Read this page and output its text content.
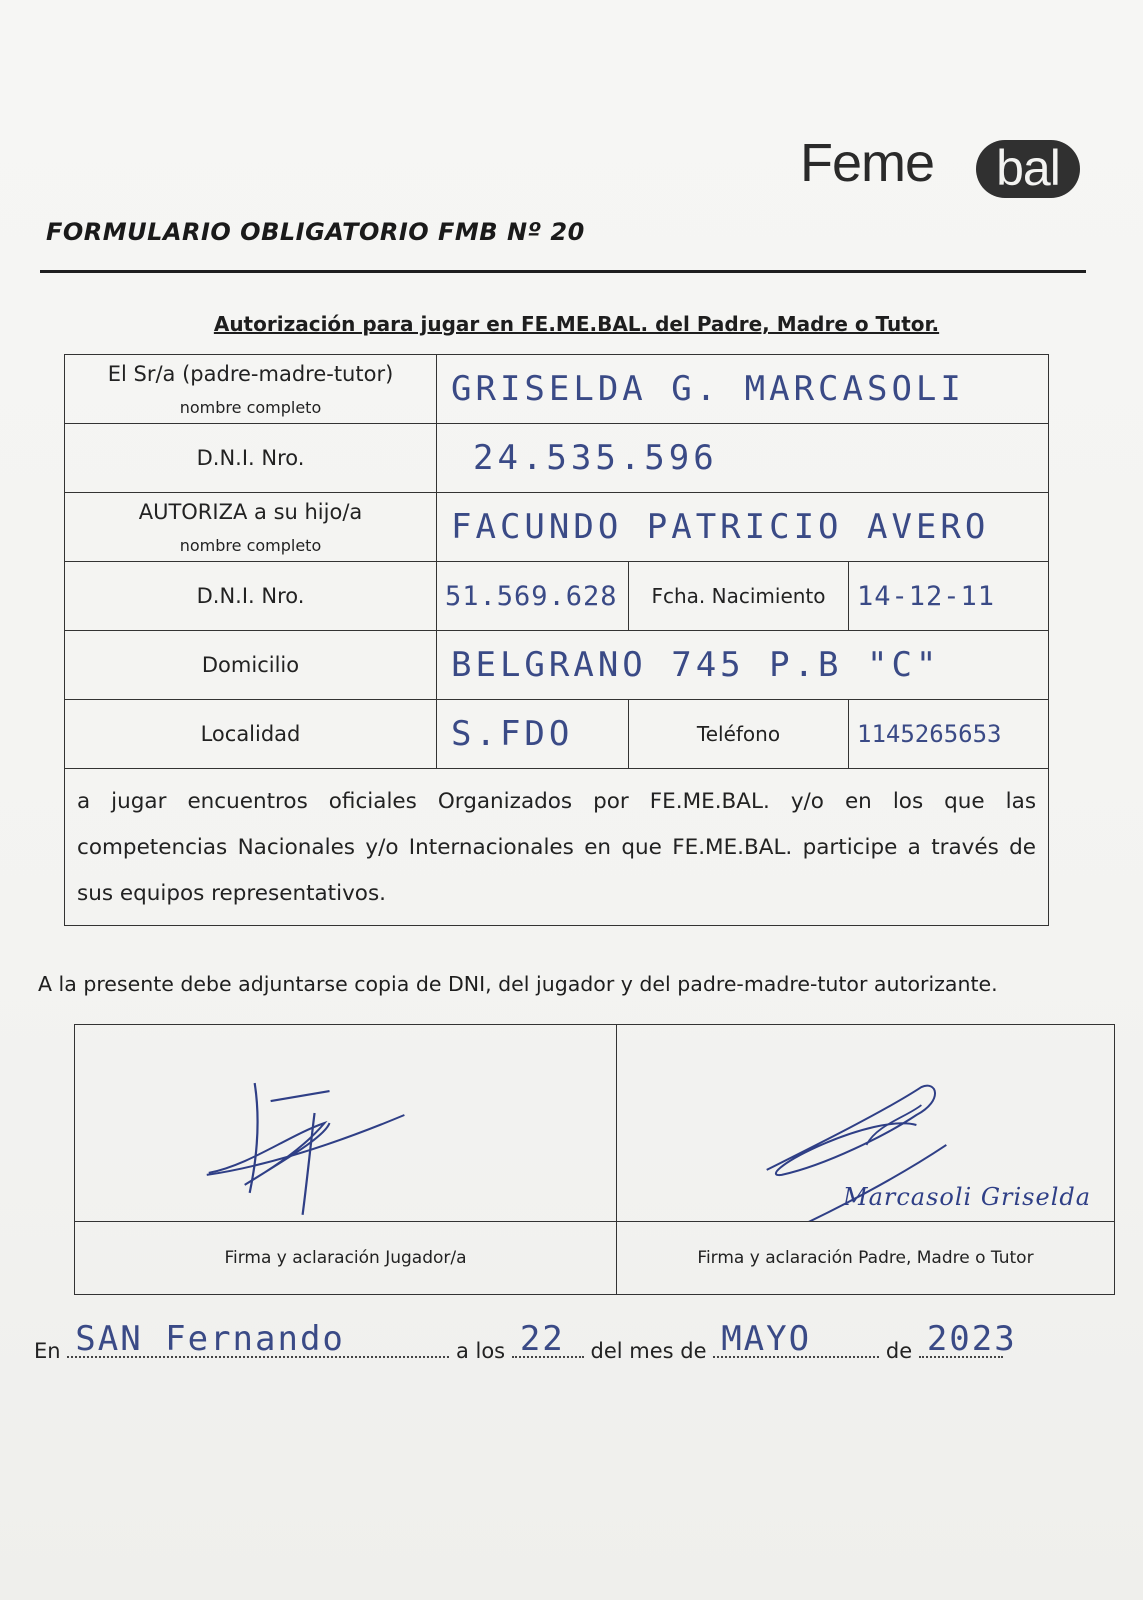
Feme	bal
FORMULARIO OBLIGATORIO FMB Nº 20
Autorización para jugar en FE.ME.BAL. del Padre, Madre o Tutor.
El Sr/a (padre-madre-tutor)
nombre completo	GRISELDA G. MARCASOLI		
D.N.I. Nro.	24.535.596		
AUTORIZA a su hijo/a
nombre completo	FACUNDO PATRICIO AVERO		
D.N.I. Nro.	51.569.628	Fcha. Nacimiento	14-12-11
Domicilio	BELGRANO 745 P.B "C"		
Localidad	S.FDO	Teléfono	1145265653
a jugar encuentros oficiales Organizados por FE.ME.BAL. y/o en los que las competencias Nacionales y/o Internacionales en que FE.ME.BAL. participe a través de sus equipos representativos.			
A la presente debe adjuntarse copia de DNI, del jugador y del padre-madre-tutor autorizante.

Marcasoli Griselda

Firma y aclaración Jugador/a	Firma y aclaración Padre, Madre o Tutor
En SAN Fernando	a los 22 del mes de MAYO	de 2023
